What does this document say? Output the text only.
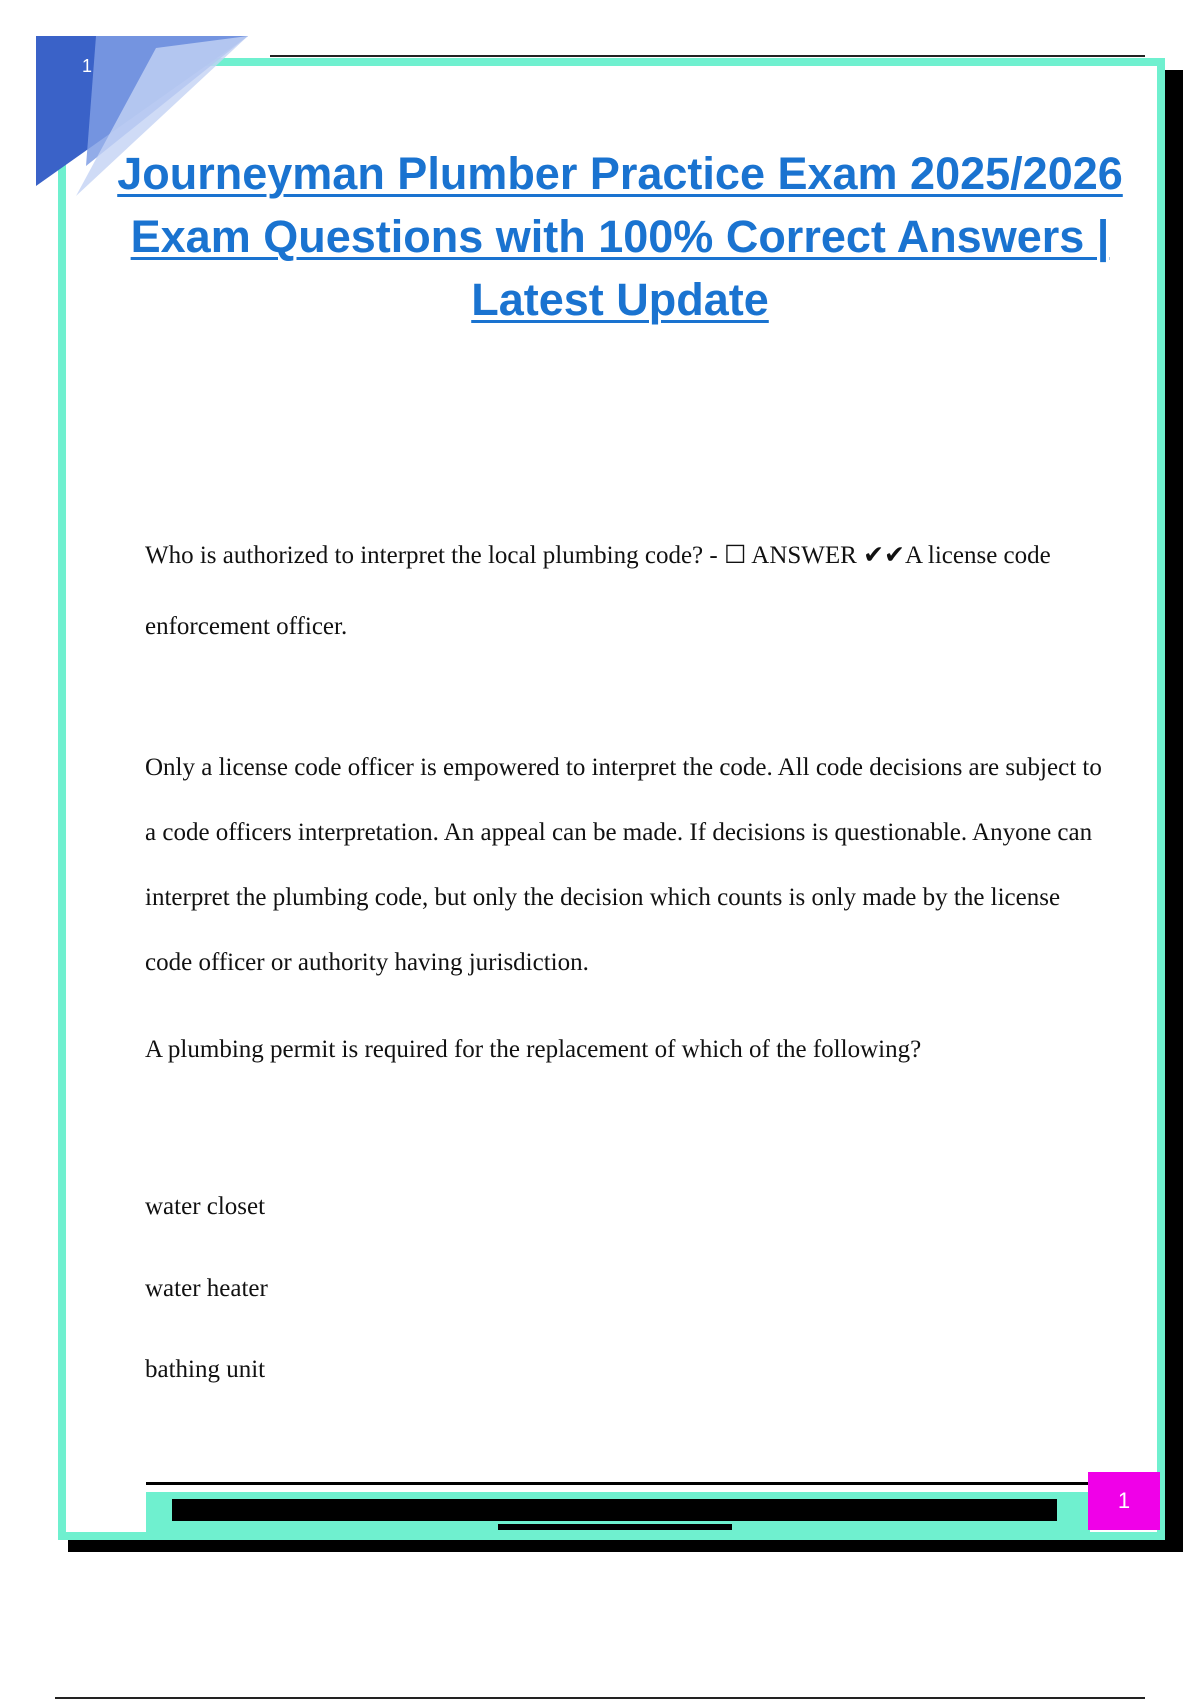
1
Journeyman Plumber Practice Exam 2025/2026 Exam Questions with 100% Correct Answers | Latest Update

Who is authorized to interpret the local plumbing code? - ☐ ANSWER ✔✔A license code enforcement officer.

Only a license code officer is empowered to interpret the code. All code decisions are subject to a code officers interpretation. An appeal can be made. If decisions is questionable. Anyone can interpret the plumbing code, but only the decision which counts is only made by the license code officer or authority having jurisdiction.

A plumbing permit is required for the replacement of which of the following?

water closet

water heater

bathing unit

1
